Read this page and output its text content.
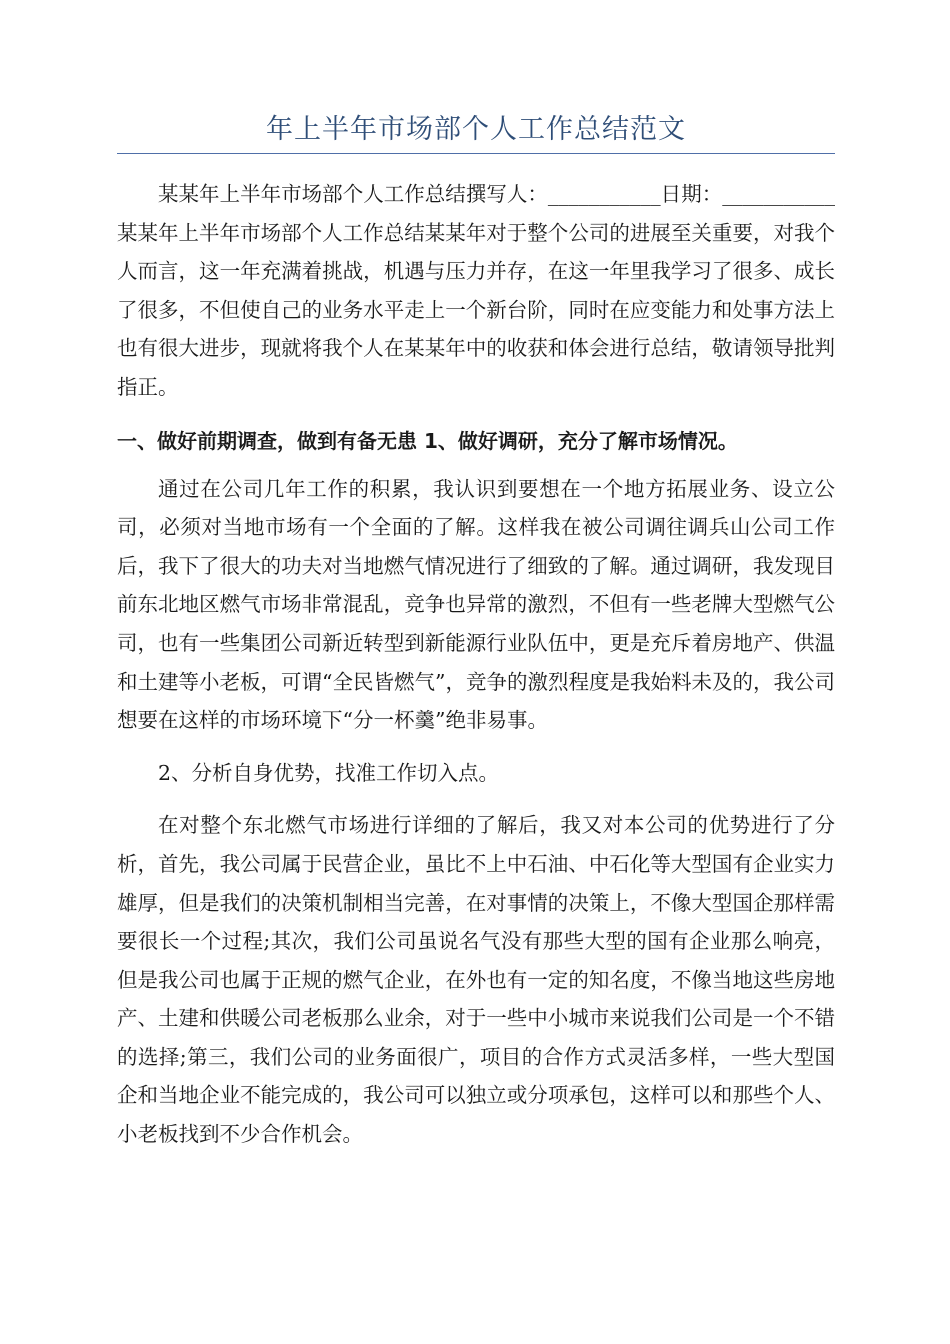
年上半年市场部个人工作总结范文

某某年上半年市场部个人工作总结撰写人：___________日期：___________某某年上半年市场部个人工作总结某某年对于整个公司的进展至关重要，对我个人而言，这一年充满着挑战，机遇与压力并存，在这一年里我学习了很多、成长了很多，不但使自己的业务水平走上一个新台阶，同时在应变能力和处事方法上也有很大进步，现就将我个人在某某年中的收获和体会进行总结，敬请领导批判指正。

一、做好前期调查，做到有备无患 1、做好调研，充分了解市场情况。

通过在公司几年工作的积累，我认识到要想在一个地方拓展业务、设立公司，必须对当地市场有一个全面的了解。这样我在被公司调往调兵山公司工作后，我下了很大的功夫对当地燃气情况进行了细致的了解。通过调研，我发现目前东北地区燃气市场非常混乱，竞争也异常的激烈，不但有一些老牌大型燃气公司，也有一些集团公司新近转型到新能源行业队伍中，更是充斥着房地产、供温和土建等小老板，可谓“全民皆燃气”，竞争的激烈程度是我始料未及的，我公司想要在这样的市场环境下“分一杯羹”绝非易事。

2、分析自身优势，找准工作切入点。

在对整个东北燃气市场进行详细的了解后，我又对本公司的优势进行了分析，首先，我公司属于民营企业，虽比不上中石油、中石化等大型国有企业实力雄厚，但是我们的决策机制相当完善，在对事情的决策上，不像大型国企那样需要很长一个过程;其次，我们公司虽说名气没有那些大型的国有企业那么响亮，但是我公司也属于正规的燃气企业，在外也有一定的知名度，不像当地这些房地产、土建和供暖公司老板那么业余，对于一些中小城市来说我们公司是一个不错的选择;第三，我们公司的业务面很广，项目的合作方式灵活多样，一些大型国企和当地企业不能完成的，我公司可以独立或分项承包，这样可以和那些个人、小老板找到不少合作机会。
